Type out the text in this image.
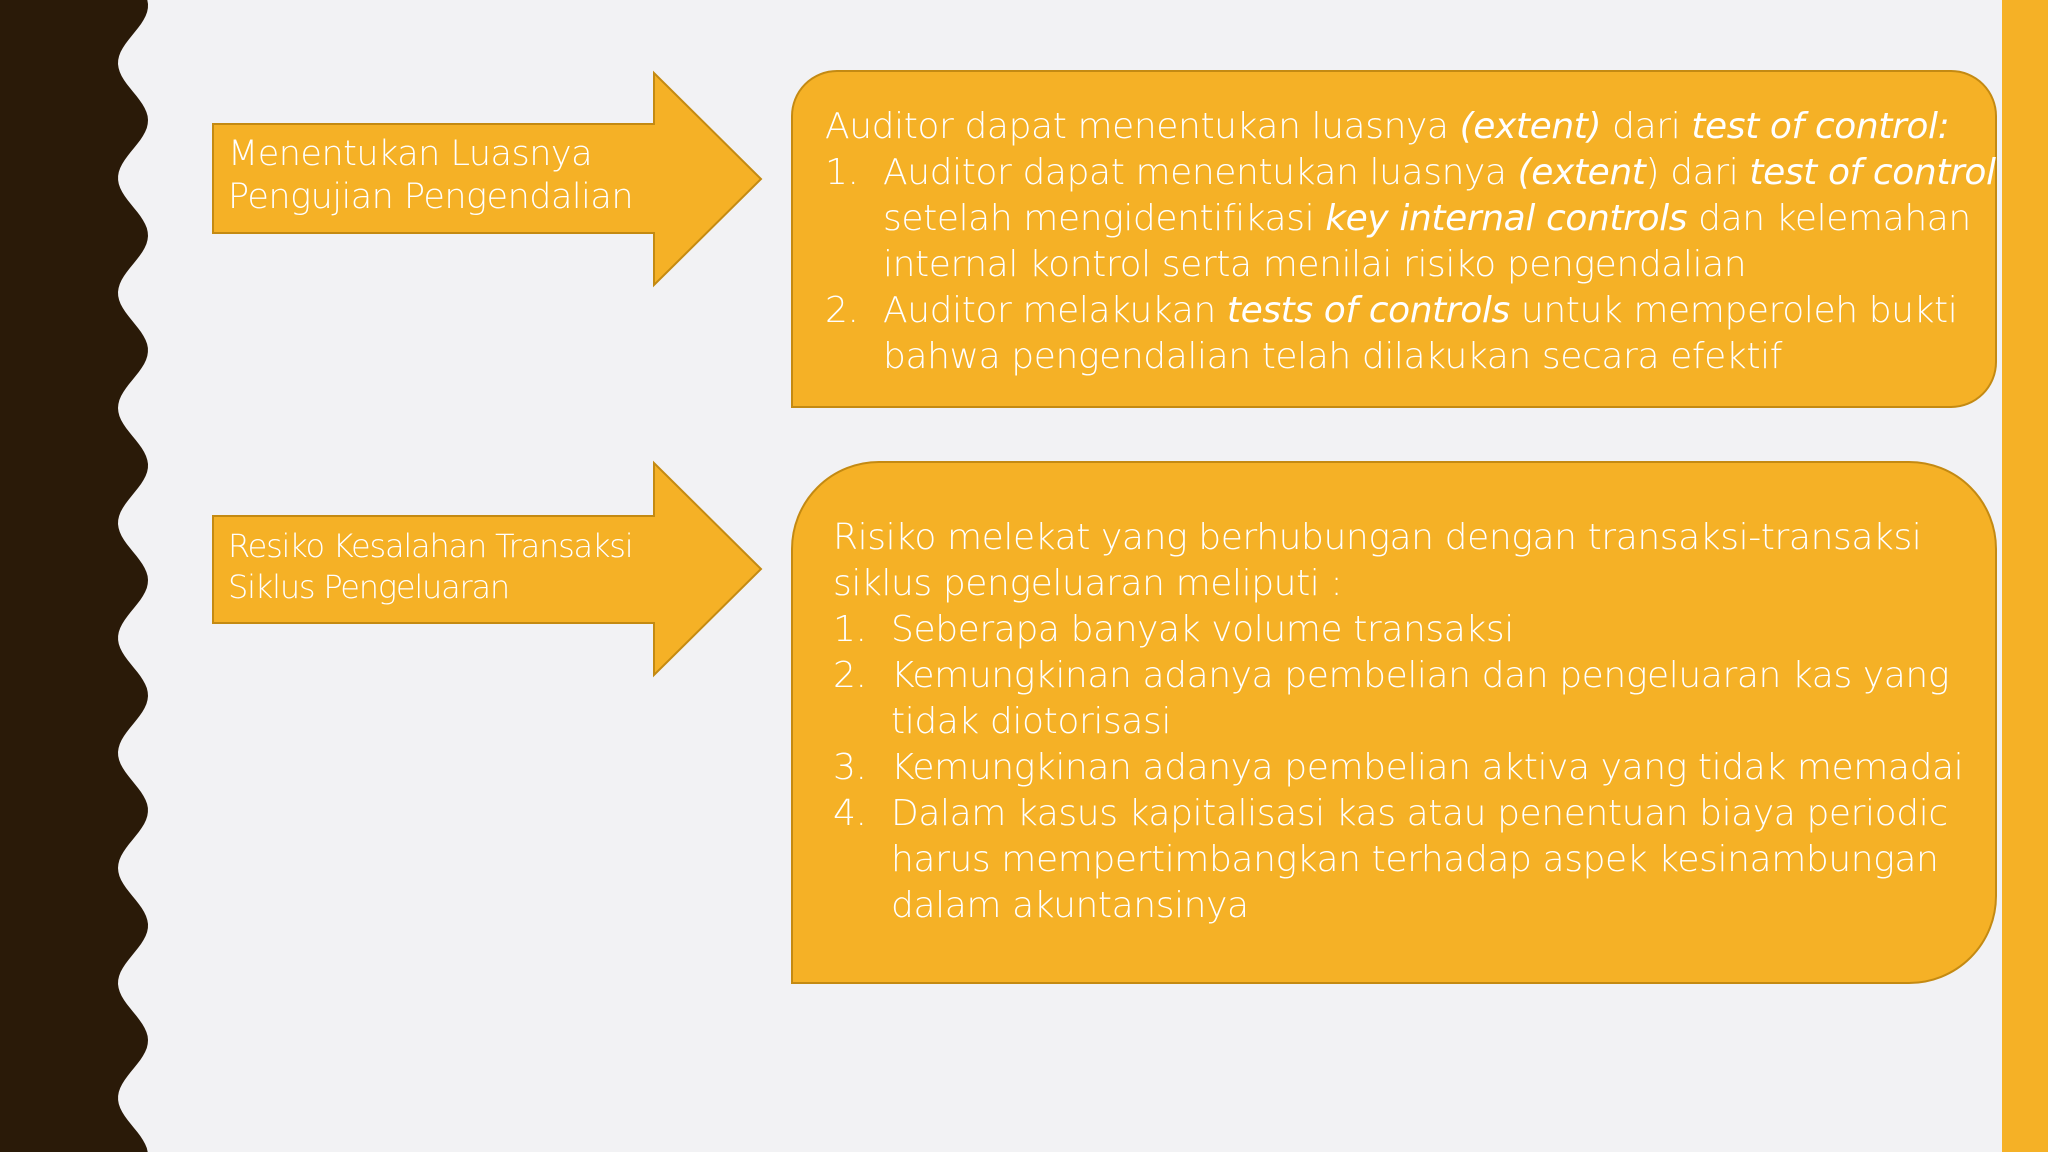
Menentukan Luasnya
Pengujian Pengendalian
Resiko Kesalahan Transaksi
Siklus Pengeluaran
Auditor dapat menentukan luasnya (extent) dari test of control:
1. Auditor dapat menentukan luasnya (extent) dari test of control
setelah mengidentifikasi key internal controls dan kelemahan
internal kontrol serta menilai risiko pengendalian
2. Auditor melakukan tests of controls untuk memperoleh bukti
bahwa pengendalian telah dilakukan secara efektif
Risiko melekat yang berhubungan dengan transaksi-transaksi
siklus pengeluaran meliputi :
1. Seberapa banyak volume transaksi
2. Kemungkinan adanya pembelian dan pengeluaran kas yang
tidak diotorisasi
3. Kemungkinan adanya pembelian aktiva yang tidak memadai
4. Dalam kasus kapitalisasi kas atau penentuan biaya periodic
harus mempertimbangkan terhadap aspek kesinambungan
dalam akuntansinya
